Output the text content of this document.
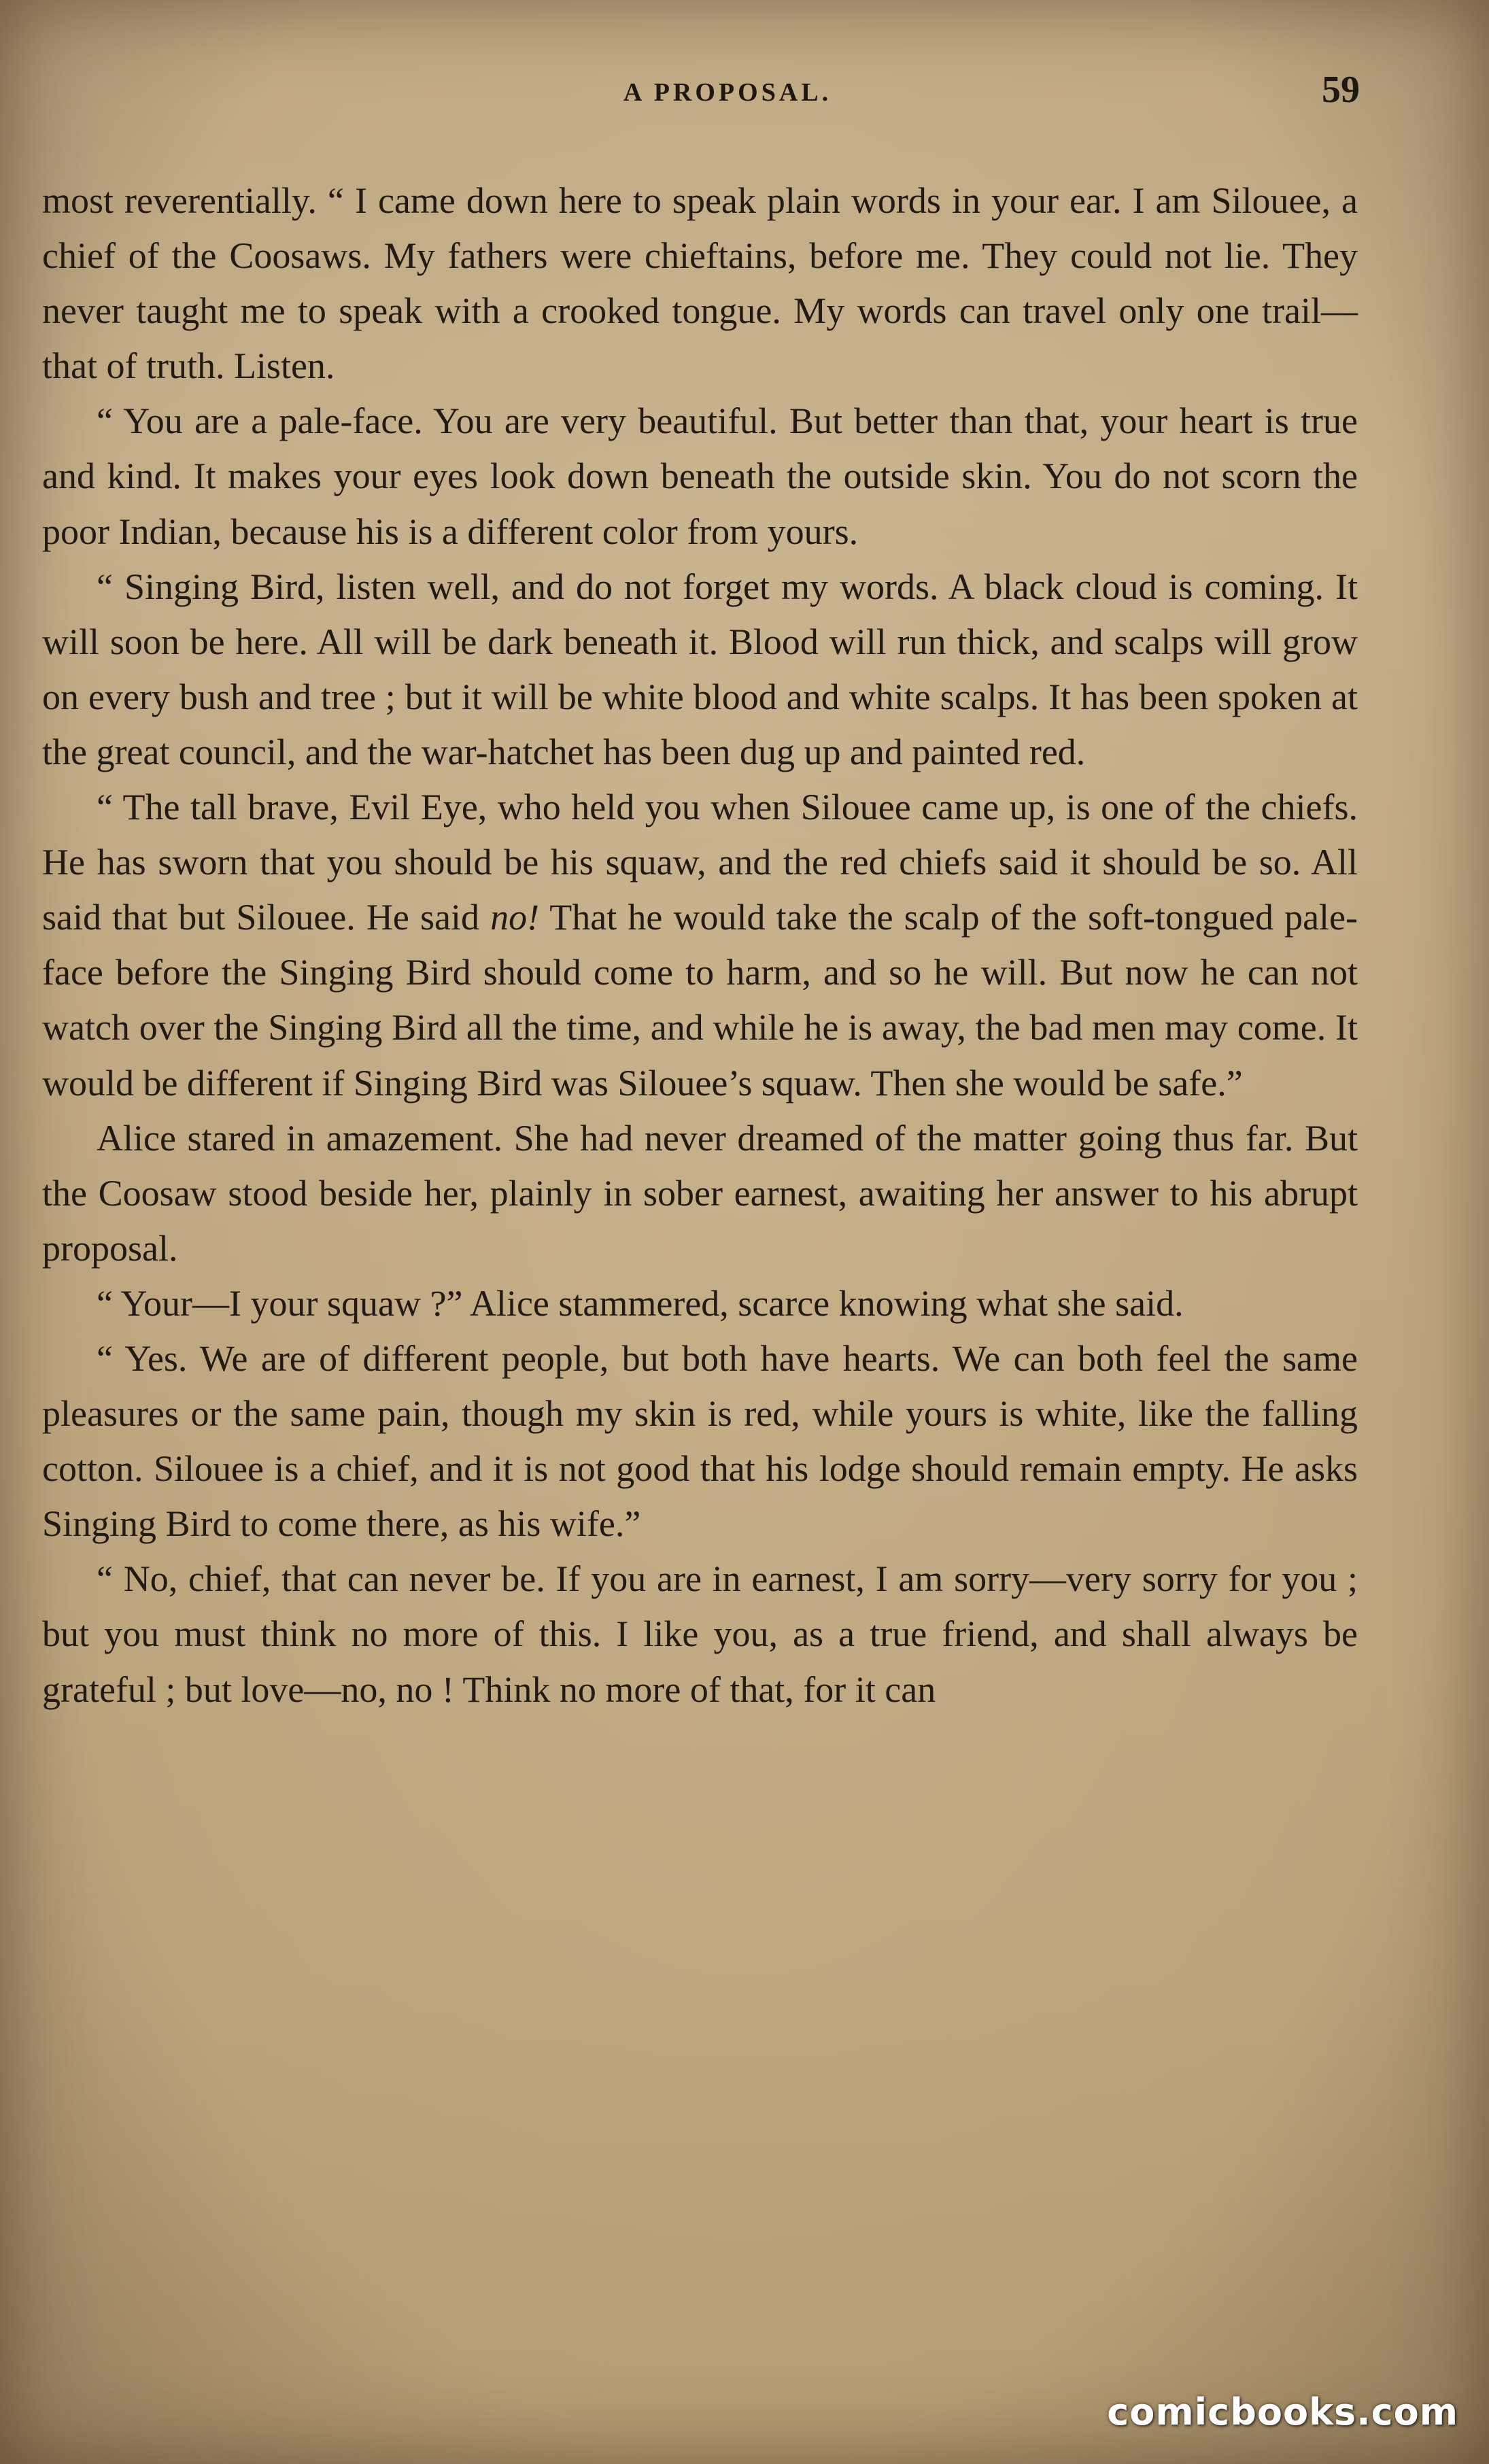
A PROPOSAL.	59

most reverentially. “ I came down here to speak plain words in your ear. I am Silouee, a chief of the Coosaws. My fathers were chieftains, before me. They could not lie. They never taught me to speak with a crooked tongue. My words can travel only one trail—that of truth. Listen.

“ You are a pale-face. You are very beautiful. But better than that, your heart is true and kind. It makes your eyes look down beneath the outside skin. You do not scorn the poor Indian, because his is a different color from yours.

“ Singing Bird, listen well, and do not forget my words. A black cloud is coming. It will soon be here. All will be dark beneath it. Blood will run thick, and scalps will grow on every bush and tree ; but it will be white blood and white scalps. It has been spoken at the great council, and the war-hatchet has been dug up and painted red.

“ The tall brave, Evil Eye, who held you when Silouee came up, is one of the chiefs. He has sworn that you should be his squaw, and the red chiefs said it should be so. All said that but Silouee. He said no! That he would take the scalp of the soft-tongued pale-face before the Singing Bird should come to harm, and so he will. But now he can not watch over the Singing Bird all the time, and while he is away, the bad men may come. It would be different if Singing Bird was Silouee’s squaw. Then she would be safe.”

Alice stared in amazement. She had never dreamed of the matter going thus far. But the Coosaw stood beside her, plainly in sober earnest, awaiting her answer to his abrupt proposal.

“ Your—I your squaw ?” Alice stammered, scarce knowing what she said.

“ Yes. We are of different people, but both have hearts. We can both feel the same pleasures or the same pain, though my skin is red, while yours is white, like the falling cotton. Silouee is a chief, and it is not good that his lodge should remain empty. He asks Singing Bird to come there, as his wife.”

“ No, chief, that can never be. If you are in earnest, I am sorry—very sorry for you ; but you must think no more of this. I like you, as a true friend, and shall always be grateful ; but love—no, no ! Think no more of that, for it can

comicbooks.com
